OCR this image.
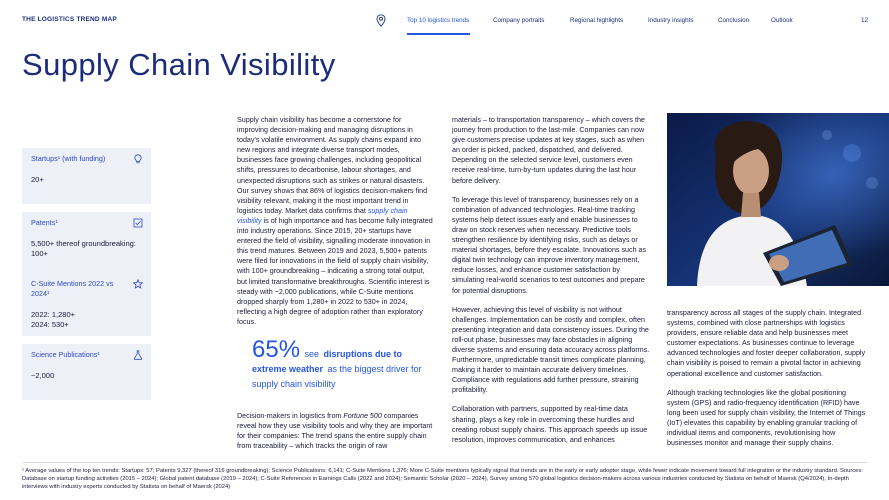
THE LOGISTICS TREND MAP	Top 10 logistics trends	Company portraits	Regional highlights	Industry insights	Conclusion	Outlook	12
Supply Chain Visibility
Startups¹ (with funding)
20+
Patents¹
5,500+ thereof groundbreaking: 100+
C-Suite Mentions 2022 vs 2024¹
2022: 1,280+ 2024: 530+
Science Publications¹
~2,000

Supply chain visibility has become a cornerstone for improving decision-making and managing disruptions in today's volatile environment. As supply chains expand into new regions and integrate diverse transport modes, businesses face growing challenges, including geopolitical shifts, pressures to decarbonise, labour shortages, and unexpected disruptions such as strikes or natural disasters. Our survey shows that 86% of logistics decision-makers find visibility relevant, making it the most important trend in logistics today. Market data confirms that supply chain visibility is of high importance and has become fully integrated into industry operations. Since 2015, 20+ startups have entered the field of visibility, signalling moderate innovation in this trend matures. Between 2019 and 2023, 5,500+ patents were filed for innovations in the field of supply chain visibility, with 100+ groundbreaking – indicating a strong total output, but limited transformative breakthroughs. Scientific interest is steady with ~2,000 publications, while C-Suite mentions dropped sharply from 1,280+ in 2022 to 530+ in 2024, reflecting a high degree of adoption rather than exploratory focus.

65% see disruptions due to extreme weather as the biggest driver for supply chain visibility

Decision-makers in logistics from Fortune 500 companies reveal how they use visibility tools and why they are important for their companies: The trend spans the entire supply chain from traceability – which tracks the origin of raw

materials – to transportation transparency – which covers the journey from production to the last-mile. Companies can now give customers precise updates at key stages, such as when an order is picked, packed, dispatched, and delivered. Depending on the selected service level, customers even receive real-time, turn-by-turn updates during the last hour before delivery.

To leverage this level of transparency, businesses rely on a combination of advanced technologies. Real-time tracking systems help detect issues early and enable businesses to draw on stock reserves when necessary. Predictive tools strengthen resilience by identifying risks, such as delays or material shortages, before they escalate. Innovations such as digital twin technology can improve inventory management, reduce losses, and enhance customer satisfaction by simulating real-world scenarios to test outcomes and prepare for potential disruptions.

However, achieving this level of visibility is not without challenges. Implementation can be costly and complex, often presenting integration and data consistency issues. During the roll-out phase, businesses may face obstacles in aligning diverse systems and ensuring data accuracy across platforms. Furthermore, unpredictable transit times complicate planning, making it harder to maintain accurate delivery timelines. Compliance with regulations add further pressure, straining profitability.

Collaboration with partners, supported by real-time data sharing, plays a key role in overcoming these hurdles and creating robust supply chains. This approach speeds up issue resolution, improves communication, and enhances

transparency across all stages of the supply chain. Integrated systems, combined with close partnerships with logistics providers, ensure reliable data and help businesses meet customer expectations. As businesses continue to leverage advanced technologies and foster deeper collaboration, supply chain visibility is poised to remain a pivotal factor in achieving operational excellence and customer satisfaction.

Although tracking technologies like the global positioning system (GPS) and radio-frequency identification (RFID) have long been used for supply chain visibility, the Internet of Things (IoT) elevates this capability by enabling granular tracking of individual items and components, revolutionising how businesses monitor and manage their supply chains.

¹ Average values of the top ten trends: Startups: 57; Patents 9,327 (thereof 316 groundbreaking); Science Publications: 6,141; C-Suite Mentions 1,376; More C-Suite mentions typically signal that trends are in the early or early adopter stage, while fewer indicate movement toward full integration or the industry standard. Sources: Database on startup funding activities (2015 – 2024); Global patent database (2019 – 2024); C-Suite References in Earnings Calls (2022 and 2024); Semantic Scholar (2020 – 2024), Survey among 570 global logistics decision-makers across various industries conducted by Statista on behalf of Maersk (Q4/2024), In-depth interviews with industry experts conducted by Statista on behalf of Maersk (2024)
